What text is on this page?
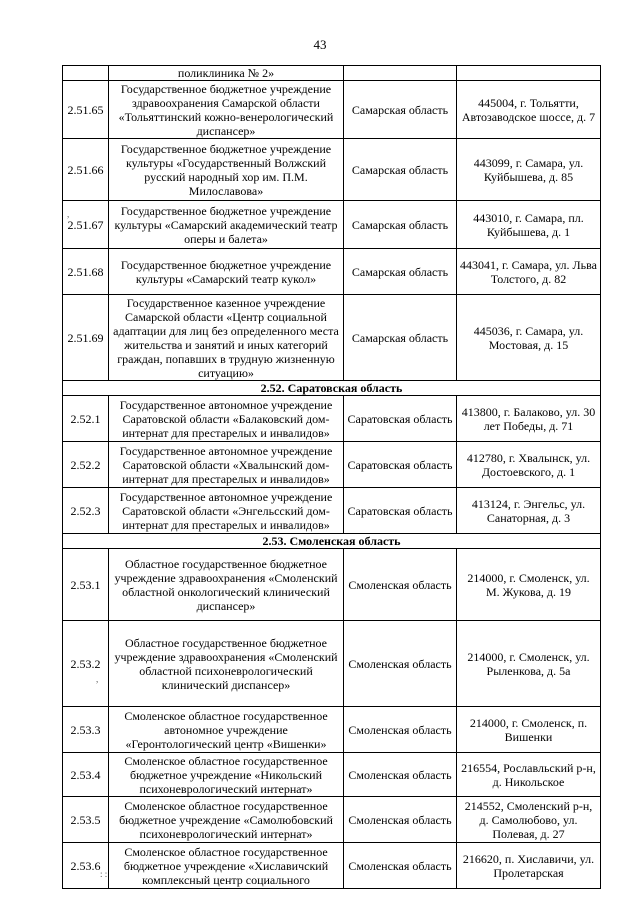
43
	поликлиника № 2»		
2.51.65	Государственное бюджетное учреждение здравоохранения Самарской области «Тольяттинский кожно-венерологический диспансер»	Самарская область	445004, г. Тольятти, Автозаводское шоссе, д. 7
2.51.66	Государственное бюджетное учреждение культуры «Государственный Волжский русский народный хор им. П.М. Милославова»	Самарская область	443099, г. Самара, ул. Куйбышева, д. 85
2.51.67	Государственное бюджетное учреждение культуры «Самарский академический театр оперы и балета»	Самарская область	443010, г. Самара, пл. Куйбышева, д. 1
2.51.68	Государственное бюджетное учреждение культуры «Самарский театр кукол»	Самарская область	443041, г. Самара, ул. Льва Толстого, д. 82
2.51.69	Государственное казенное учреждение Самарской области «Центр социальной адаптации для лиц без определенного места жительства и занятий и иных категорий граждан, попавших в трудную жизненную ситуацию»	Самарская область	445036, г. Самара, ул. Мостовая, д. 15
2.52. Саратовская область			
2.52.1	Государственное автономное учреждение Саратовской области «Балаковский дом-интернат для престарелых и инвалидов»	Саратовская область	413800, г. Балаково, ул. 30 лет Победы, д. 71
2.52.2	Государственное автономное учреждение Саратовской области «Хвалынский дом-интернат для престарелых и инвалидов»	Саратовская область	412780, г. Хвалынск, ул. Достоевского, д. 1
2.52.3	Государственное автономное учреждение Саратовской области «Энгельсский дом-интернат для престарелых и инвалидов»	Саратовская область	413124, г. Энгельс, ул. Санаторная, д. 3
2.53. Смоленская область			
2.53.1	Областное государственное бюджетное учреждение здравоохранения «Смоленский областной онкологический клинический диспансер»	Смоленская область	214000, г. Смоленск, ул. М. Жукова, д. 19
2.53.2	Областное государственное бюджетное учреждение здравоохранения «Смоленский областной психоневрологический клинический диспансер»	Смоленская область	214000, г. Смоленск, ул. Рыленкова, д. 5а
2.53.3	Смоленское областное государственное автономное учреждение «Геронтологический центр «Вишенки»	Смоленская область	214000, г. Смоленск, п. Вишенки
2.53.4	Смоленское областное государственное бюджетное учреждение «Никольский психоневрологический интернат»	Смоленская область	216554, Рославльский р-н, д. Никольское
2.53.5	Смоленское областное государственное бюджетное учреждение «Самолюбовский психоневрологический интернат»	Смоленская область	214552, Смоленский р-н, д. Самолюбово, ул. Полевая, д. 27
2.53.6	Смоленское областное государственное бюджетное учреждение «Хиславичский комплексный центр социального	Смоленская область	216620, п. Хиславичи, ул. Пролетарская
,
,
: :
